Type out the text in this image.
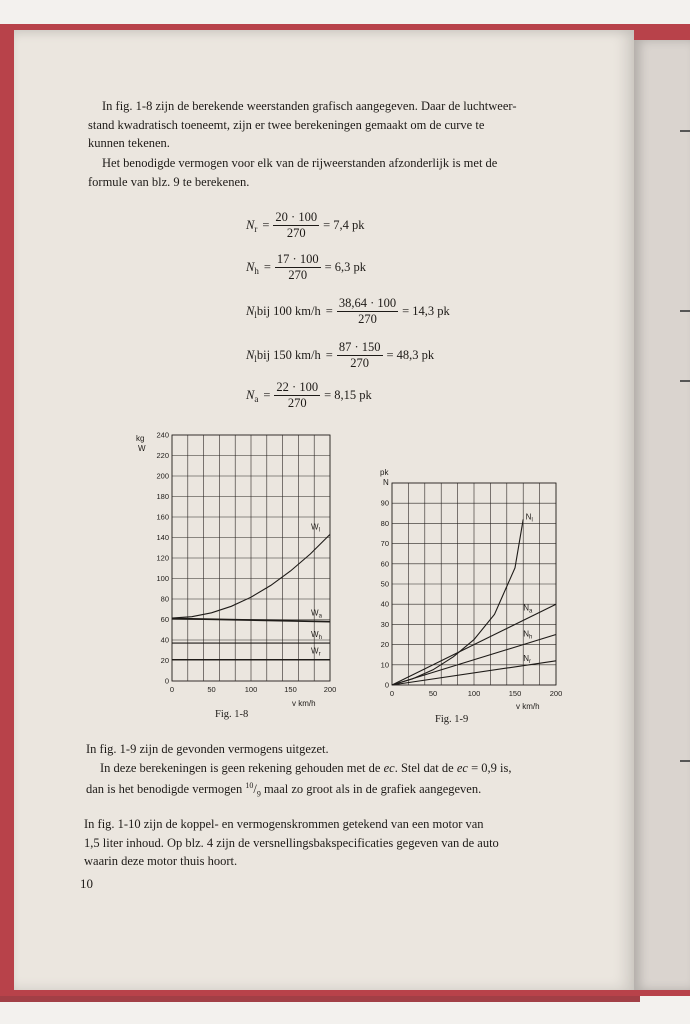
In fig. 1-8 zijn de berekende weerstanden grafisch aangegeven. Daar de luchtweer-
stand kwadratisch toeneemt, zijn er twee berekeningen gemaakt om de curve te
kunnen tekenen.
Het benodigde vermogen voor elk van de rijweerstanden afzonderlijk is met de
formule van blz. 9 te berekenen.
N $r = \frac{20 \cdot 100}{270} = 7,4$ pk
N $h = \frac{17 \cdot 100}{270} = 6,3$ pk
N l bij 100 $km/h = \frac{38,64 \cdot 100}{270} = 14,3$ pk
N l bij 150 $km/h = \frac{87 \cdot 150}{270} = 48,3$ pk
N $a = \frac{22 \cdot 100}{270} = 8,15$ pk
kg
W
v km/h
0
20
40
60
80
100
120
140
160
180
200
220
240
0	50	100	150	200
$W_l$
$W_a$
$W_h$
$W_r$
Fig. 1-8
pk
N
v km/h
0
10
20
30
40
50
60
70
80
90
0	50	100	150	200
$N_l$
$N_a$
$N_h$
$N_r$
Fig. 1-9
In fig. 1-9 zijn de gevonden vermogens uitgezet.
In deze berekeningen is geen rekening gehouden met de ec. Stel dat de ec = 0,9 is,
dan is het benodigde vermogen $^{10}/_9$ maal zo groot als in de grafiek aangegeven.
In fig. 1-10 zijn de koppel- en vermogenskrommen getekend van een motor van
1,5 liter inhoud. Op blz. 4 zijn de versnellingsbakspecificaties gegeven van de auto
waarin deze motor thuis hoort.
10
